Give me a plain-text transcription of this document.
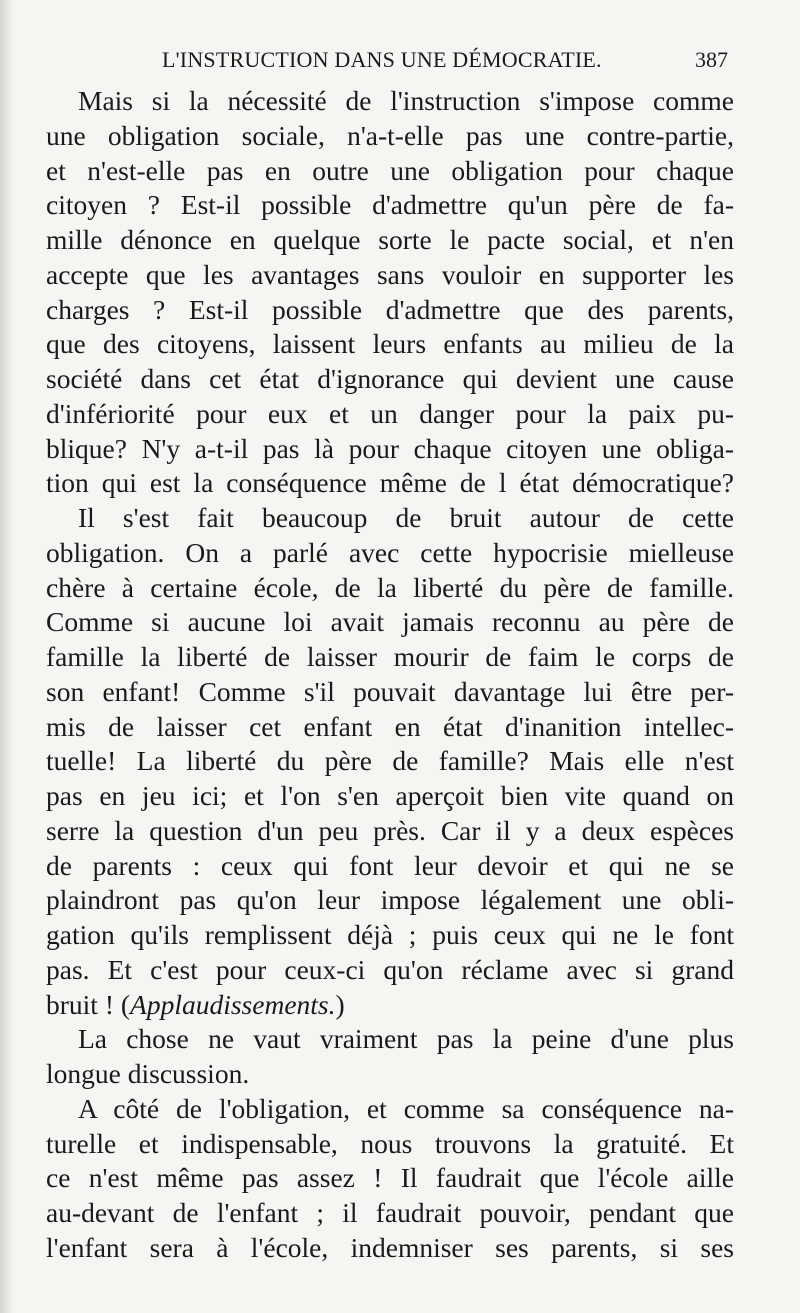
L'INSTRUCTION DANS UNE DÉMOCRATIE.	387
Mais si la nécessité de l'instruction s'impose comme
une obligation sociale, n'a-t-elle pas une contre-partie,
et n'est-elle pas en outre une obligation pour chaque
citoyen ? Est-il possible d'admettre qu'un père de fa-
mille dénonce en quelque sorte le pacte social, et n'en
accepte que les avantages sans vouloir en supporter les
charges ? Est-il possible d'admettre que des parents,
que des citoyens, laissent leurs enfants au milieu de la
société dans cet état d'ignorance qui devient une cause
d'infériorité pour eux et un danger pour la paix pu-
blique? N'y a-t-il pas là pour chaque citoyen une obliga-
tion qui est la conséquence même de l état démocratique?
Il s'est fait beaucoup de bruit autour de cette
obligation. On a parlé avec cette hypocrisie mielleuse
chère à certaine école, de la liberté du père de famille.
Comme si aucune loi avait jamais reconnu au père de
famille la liberté de laisser mourir de faim le corps de
son enfant! Comme s'il pouvait davantage lui être per-
mis de laisser cet enfant en état d'inanition intellec-
tuelle! La liberté du père de famille? Mais elle n'est
pas en jeu ici; et l'on s'en aperçoit bien vite quand on
serre la question d'un peu près. Car il y a deux espèces
de parents : ceux qui font leur devoir et qui ne se
plaindront pas qu'on leur impose légalement une obli-
gation qu'ils remplissent déjà ; puis ceux qui ne le font
pas. Et c'est pour ceux-ci qu'on réclame avec si grand
bruit ! (Applaudissements.)
La chose ne vaut vraiment pas la peine d'une plus
longue discussion.
A côté de l'obligation, et comme sa conséquence na-
turelle et indispensable, nous trouvons la gratuité. Et
ce n'est même pas assez ! Il faudrait que l'école aille
au-devant de l'enfant ; il faudrait pouvoir, pendant que
l'enfant sera à l'école, indemniser ses parents, si ses
